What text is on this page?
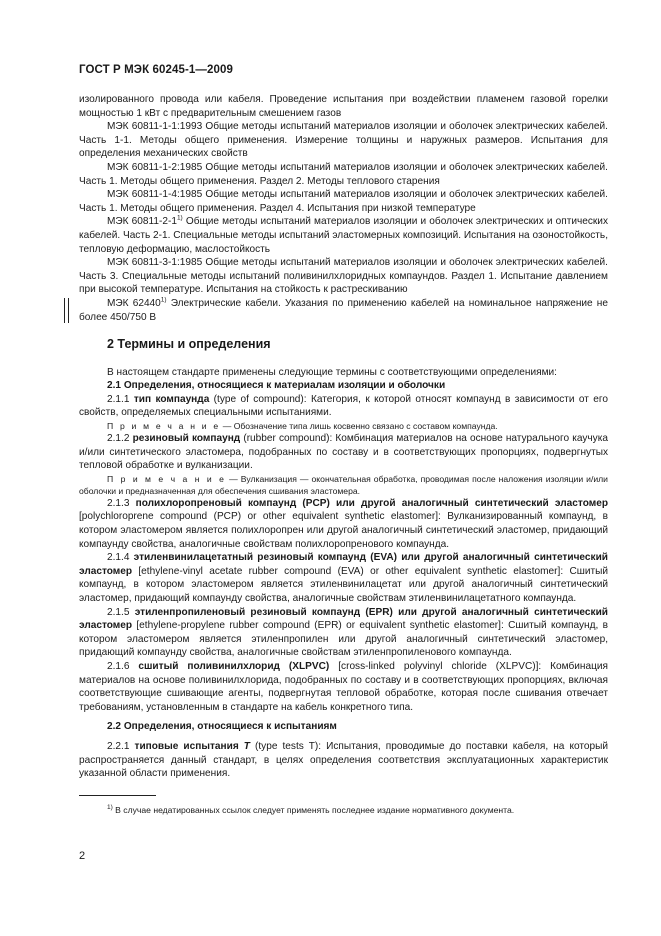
ГОСТ Р МЭК 60245-1—2009

изолированного провода или кабеля. Проведение испытания при воздействии пламенем газовой горелки мощностью 1 кВт с предварительным смешением газов

МЭК 60811-1-1:1993 Общие методы испытаний материалов изоляции и оболочек электрических кабелей. Часть 1-1. Методы общего применения. Измерение толщины и наружных размеров. Испытания для определения механических свойств

МЭК 60811-1-2:1985 Общие методы испытаний материалов изоляции и оболочек электрических кабелей. Часть 1. Методы общего применения. Раздел 2. Методы теплового старения

МЭК 60811-1-4:1985 Общие методы испытаний материалов изоляции и оболочек электрических кабелей. Часть 1. Методы общего применения. Раздел 4. Испытания при низкой температуре

МЭК 60811-2-1$^{1)}$ Общие методы испытаний материалов изоляции и оболочек электрических и оптических кабелей. Часть 2-1. Специальные методы испытаний эластомерных композиций. Испытания на озоностойкость, тепловую деформацию, маслостойкость

МЭК 60811-3-1:1985 Общие методы испытаний материалов изоляции и оболочек электрических кабелей. Часть 3. Специальные методы испытаний поливинилхлоридных компаундов. Раздел 1. Испытание давлением при высокой температуре. Испытания на стойкость к растрескиванию

МЭК 62440$^{1)}$ Электрические кабели. Указания по применению кабелей на номинальное напряжение не более 450/750 В

2 Термины и определения

В настоящем стандарте применены следующие термины с соответствующими определениями:

2.1 Определения, относящиеся к материалам изоляции и оболочки

2.1.1 тип компаунда (type of compound): Категория, к которой относят компаунд в зависимости от его свойств, определяемых специальными испытаниями.

П р и м е ч а н и е — Обозначение типа лишь косвенно связано с составом компаунда.

2.1.2 резиновый компаунд (rubber compound): Комбинация материалов на основе натурального каучука и/или синтетического эластомера, подобранных по составу и в соответствующих пропорциях, подвергнутых тепловой обработке и вулканизации.

П р и м е ч а н и е — Вулканизация — окончательная обработка, проводимая после наложения изоляции и/или оболочки и предназначенная для обеспечения сшивания эластомера.

2.1.3 полихлоропреновый компаунд (PCP) или другой аналогичный синтетический эластомер [polychloroprene compound (PCP) or other equivalent synthetic elastomer]: Вулканизированный компаунд, в котором эластомером является полихлоропрен или другой аналогичный синтетический эластомер, придающий компаунду свойства, аналогичные свойствам полихлоропренового компаунда.

2.1.4 этиленвинилацетатный резиновый компаунд (EVA) или другой аналогичный синтетический эластомер [ethylene-vinyl acetate rubber compound (EVA) or other equivalent synthetic elastomer]: Сшитый компаунд, в котором эластомером является этиленвинилацетат или другой аналогичный синтетический эластомер, придающий компаунду свойства, аналогичные свойствам этиленвинилацетатного компаунда.

2.1.5 этиленпропиленовый резиновый компаунд (EPR) или другой аналогичный синтетический эластомер [ethylene-propylene rubber compound (EPR) or equivalent synthetic elastomer]: Сшитый компаунд, в котором эластомером является этиленпропилен или другой аналогичный синтетический эластомер, придающий компаунду свойства, аналогичные свойствам этиленпропиленового компаунда.

2.1.6 сшитый поливинилхлорид (XLPVC) [cross-linked polyvinyl chloride (XLPVC)]: Комбинация материалов на основе поливинилхлорида, подобранных по составу и в соответствующих пропорциях, включая соответствующие сшивающие агенты, подвергнутая тепловой обработке, которая после сшивания отвечает требованиям, установленным в стандарте на кабель конкретного типа.

2.2 Определения, относящиеся к испытаниям

2.2.1 типовые испытания T (type tests T): Испытания, проводимые до поставки кабеля, на который распространяется данный стандарт, в целях определения соответствия эксплуатационных характеристик указанной области применения.

$^{1)}$ В случае недатированных ссылок следует применять последнее издание нормативного документа.

2
